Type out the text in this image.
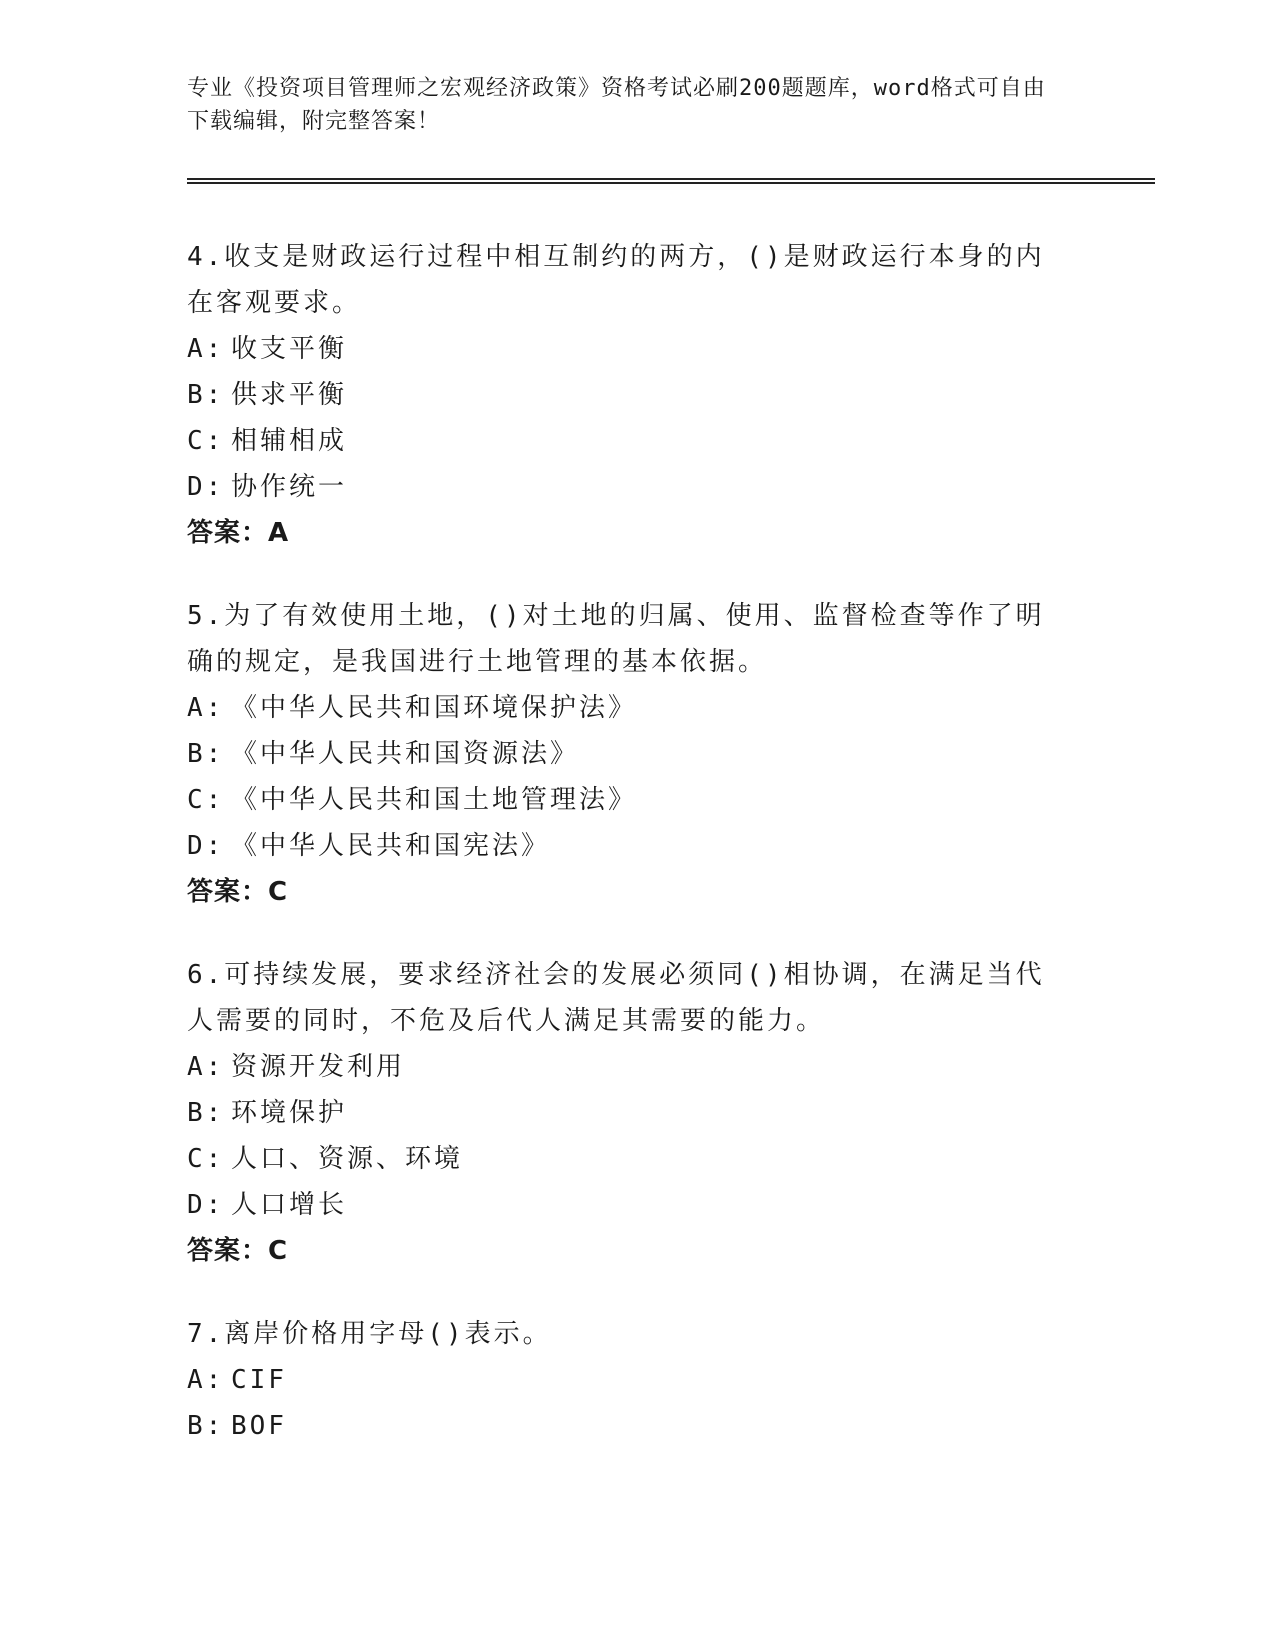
专业《投资项目管理师之宏观经济政策》资格考试必刷200题题库，word格式可自由下载编辑，附完整答案！

4.收支是财政运行过程中相互制约的两方，()是财政运行本身的内在客观要求。

A: 收支平衡

B: 供求平衡

C: 相辅相成

D: 协作统一

答案：A

5.为了有效使用土地，()对土地的归属、使用、监督检查等作了明确的规定，是我国进行土地管理的基本依据。

A: 《中华人民共和国环境保护法》

B: 《中华人民共和国资源法》

C: 《中华人民共和国土地管理法》

D: 《中华人民共和国宪法》

答案：C

6.可持续发展，要求经济社会的发展必须同()相协调，在满足当代人需要的同时，不危及后代人满足其需要的能力。

A: 资源开发利用

B: 环境保护

C: 人口、资源、环境

D: 人口增长

答案：C

7.离岸价格用字母()表示。

A: CIF

B: BOF
